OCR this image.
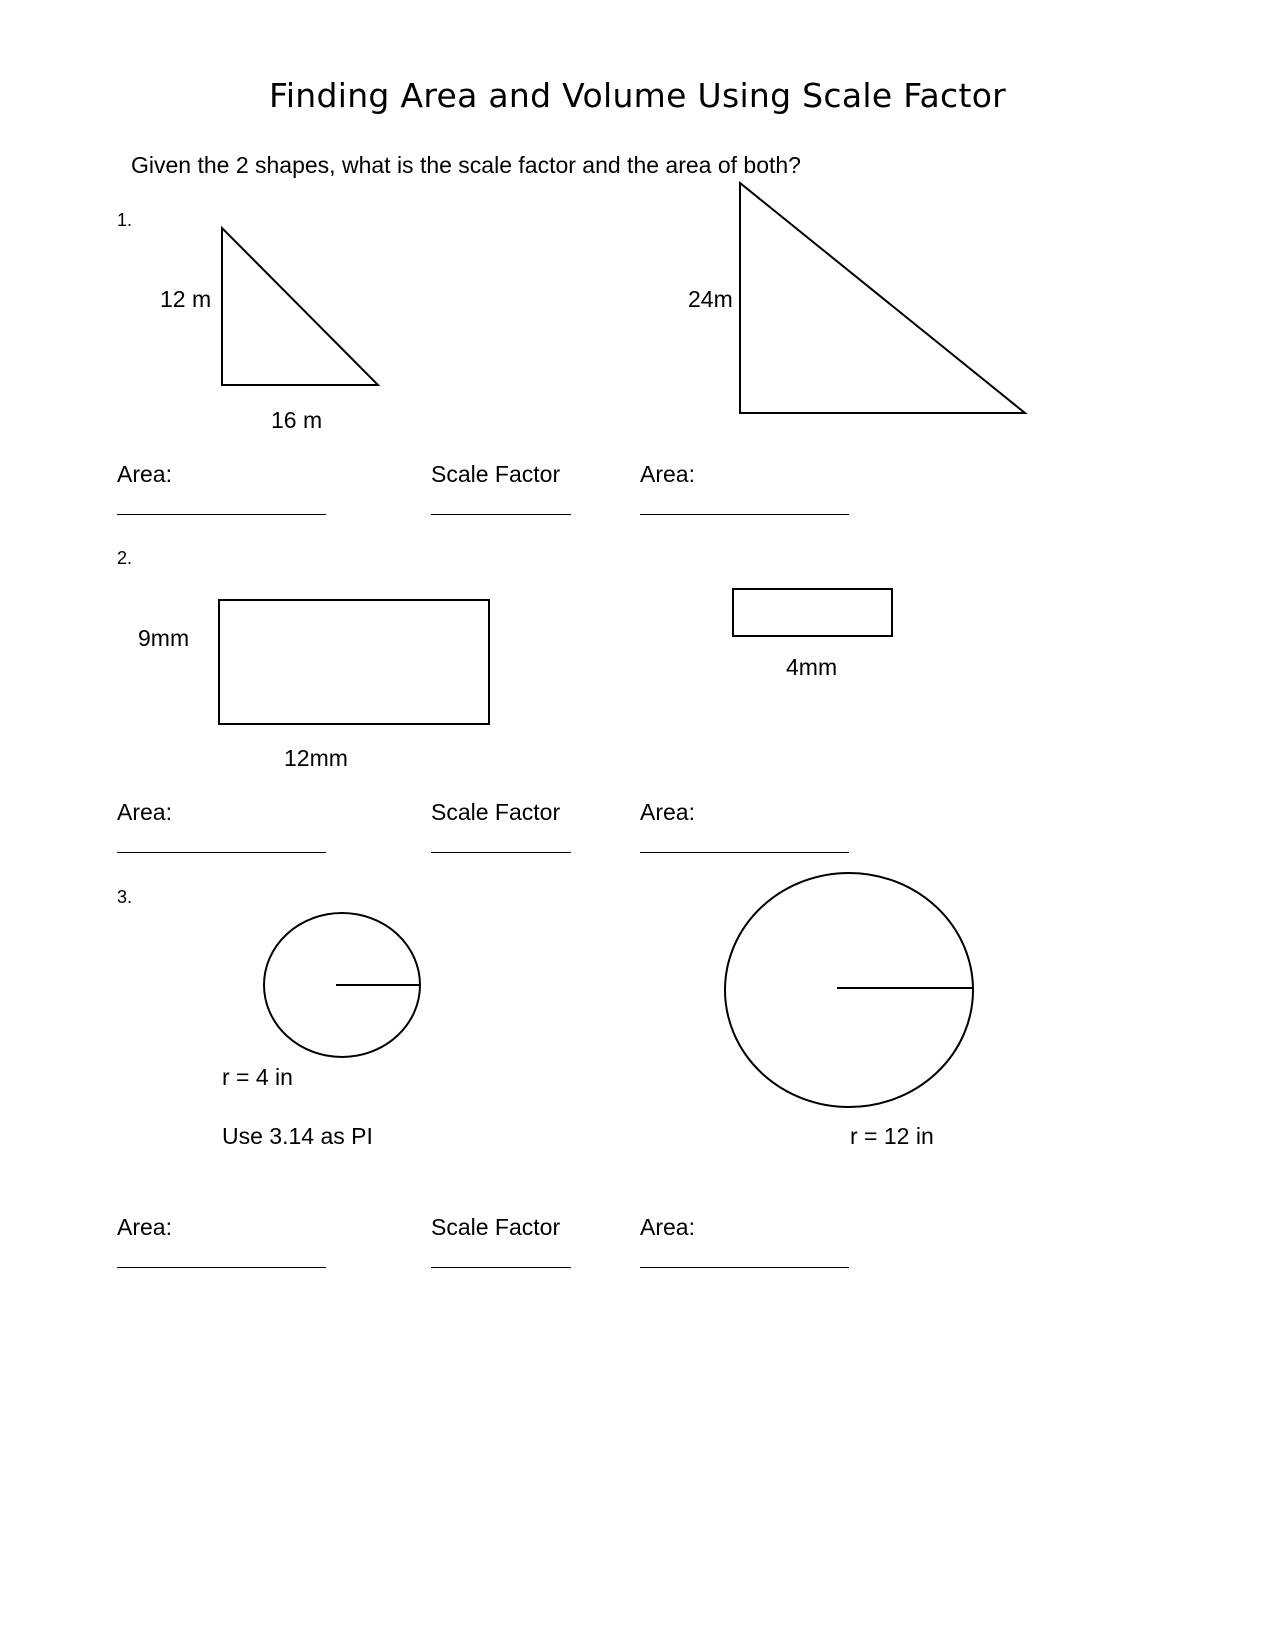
Finding Area and Volume Using Scale Factor
Given the 2 shapes, what is the scale factor and the area of both?
1.
12 m
16 m
24m
Area:	Scale Factor	Area:
2.
9mm
12mm
4mm
Area:	Scale Factor	Area:
3.
r = 4 in
Use 3.14 as PI	r = 12 in
Area:	Scale Factor	Area:
